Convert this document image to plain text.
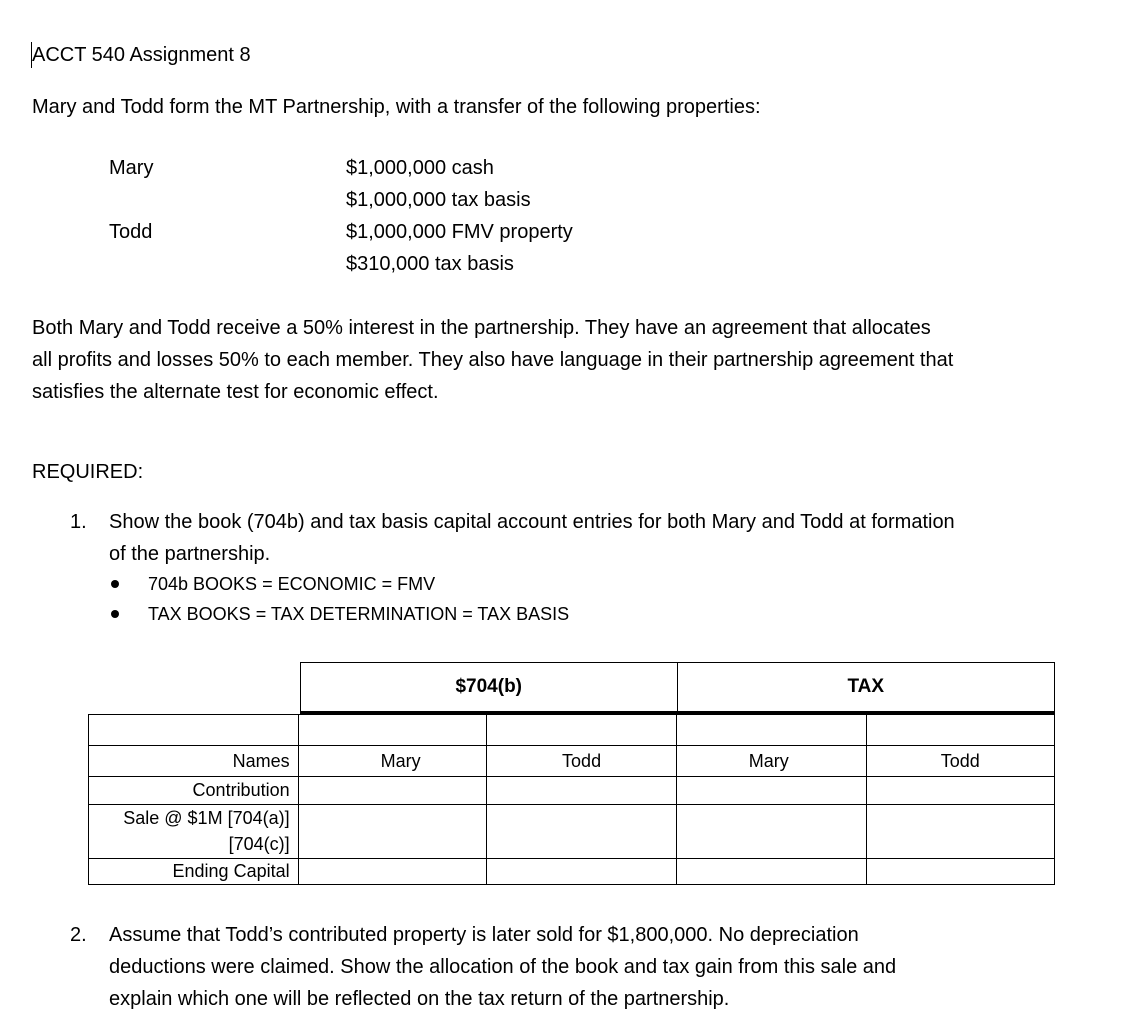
ACCT 540 Assignment 8
Mary and Todd form the MT Partnership, with a transfer of the following properties:
Mary	$1,000,000 cash
$1,000,000 tax basis
Todd	$1,000,000 FMV property
$310,000 tax basis
Both Mary and Todd receive a 50% interest in the partnership. They have an agreement that allocates
all profits and losses 50% to each member. They also have language in their partnership agreement that
satisfies the alternate test for economic effect.
REQUIRED:
1. Show the book (704b) and tax basis capital account entries for both Mary and Todd at formation
of the partnership.
704b BOOKS = ECONOMIC = FMV
TAX BOOKS = TAX DETERMINATION = TAX BASIS
$704(b)	TAX

Names	Mary	Todd	Mary	Todd
Contribution				

Sale @ $1M [704(a)]
[704(c)]				

Ending Capital				
2. Assume that Todd’s contributed property is later sold for $1,800,000. No depreciation
deductions were claimed. Show the allocation of the book and tax gain from this sale and
explain which one will be reflected on the tax return of the partnership.
